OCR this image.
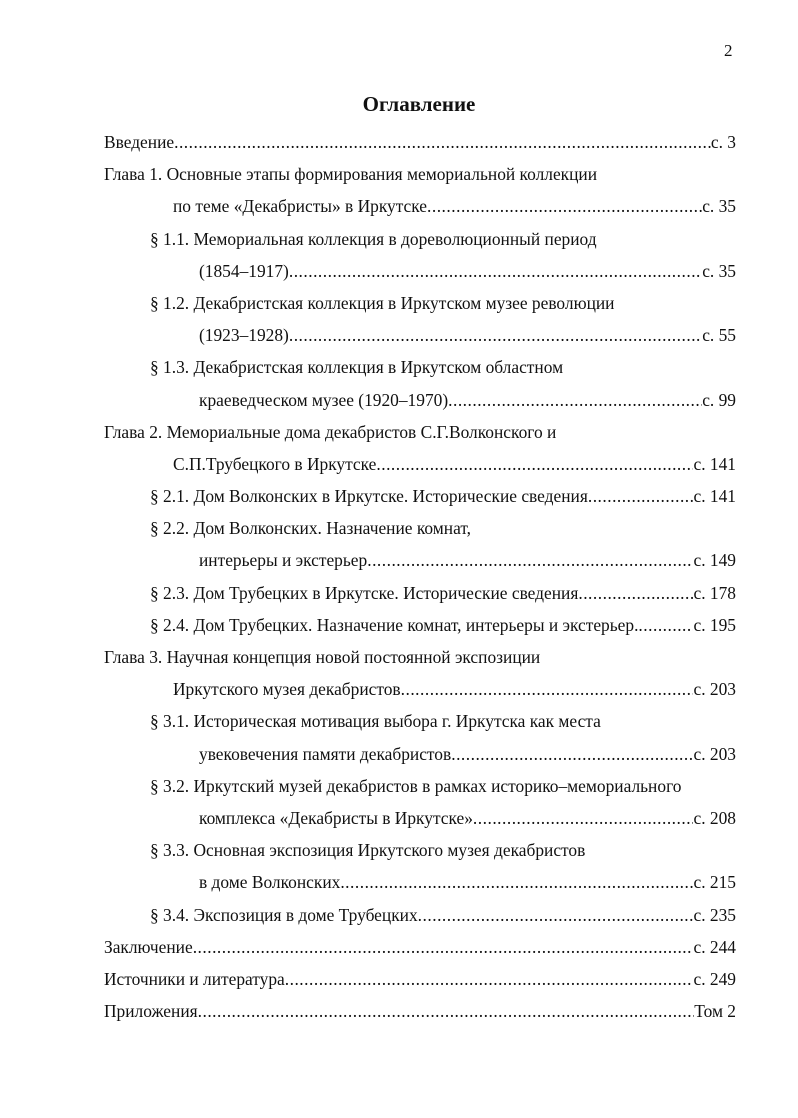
2
Оглавление
Введение .....	с. 3
Глава 1. Основные этапы формирования мемориальной коллекции
по теме «Декабристы» в Иркутске .....	с. 35
§ 1.1. Мемориальная коллекция в дореволюционный период
(1854–1917) .....	с. 35
§ 1.2. Декабристская коллекция в Иркутском музее революции
(1923–1928) .....	с. 55
§ 1.3. Декабристская коллекция в Иркутском областном
краеведческом музее (1920–1970) .....	с. 99
Глава 2. Мемориальные дома декабристов С.Г.Волконского и
С.П.Трубецкого в Иркутске .....	с. 141
§ 2.1. Дом Волконских в Иркутске. Исторические сведения .....	с. 141
§ 2.2. Дом Волконских. Назначение комнат,
интерьеры и экстерьер .....	с. 149
§ 2.3. Дом Трубецких в Иркутске. Исторические сведения .....	с. 178
§ 2.4. Дом Трубецких. Назначение комнат, интерьеры и экстерьер. .....	с. 195
Глава 3. Научная концепция новой постоянной экспозиции
Иркутского музея декабристов .....	с. 203
§ 3.1. Историческая мотивация выбора г. Иркутска как места
увековечения памяти декабристов .....	с. 203
§ 3.2. Иркутский музей декабристов в рамках историко–мемориального
комплекса «Декабристы в Иркутске» .....	с. 208
§ 3.3. Основная экспозиция Иркутского музея декабристов
в доме Волконских .....	с. 215
§ 3.4. Экспозиция в доме Трубецких .....	с. 235
Заключение .....	с. 244
Источники и литература .....	с. 249
Приложения .....	Том 2
